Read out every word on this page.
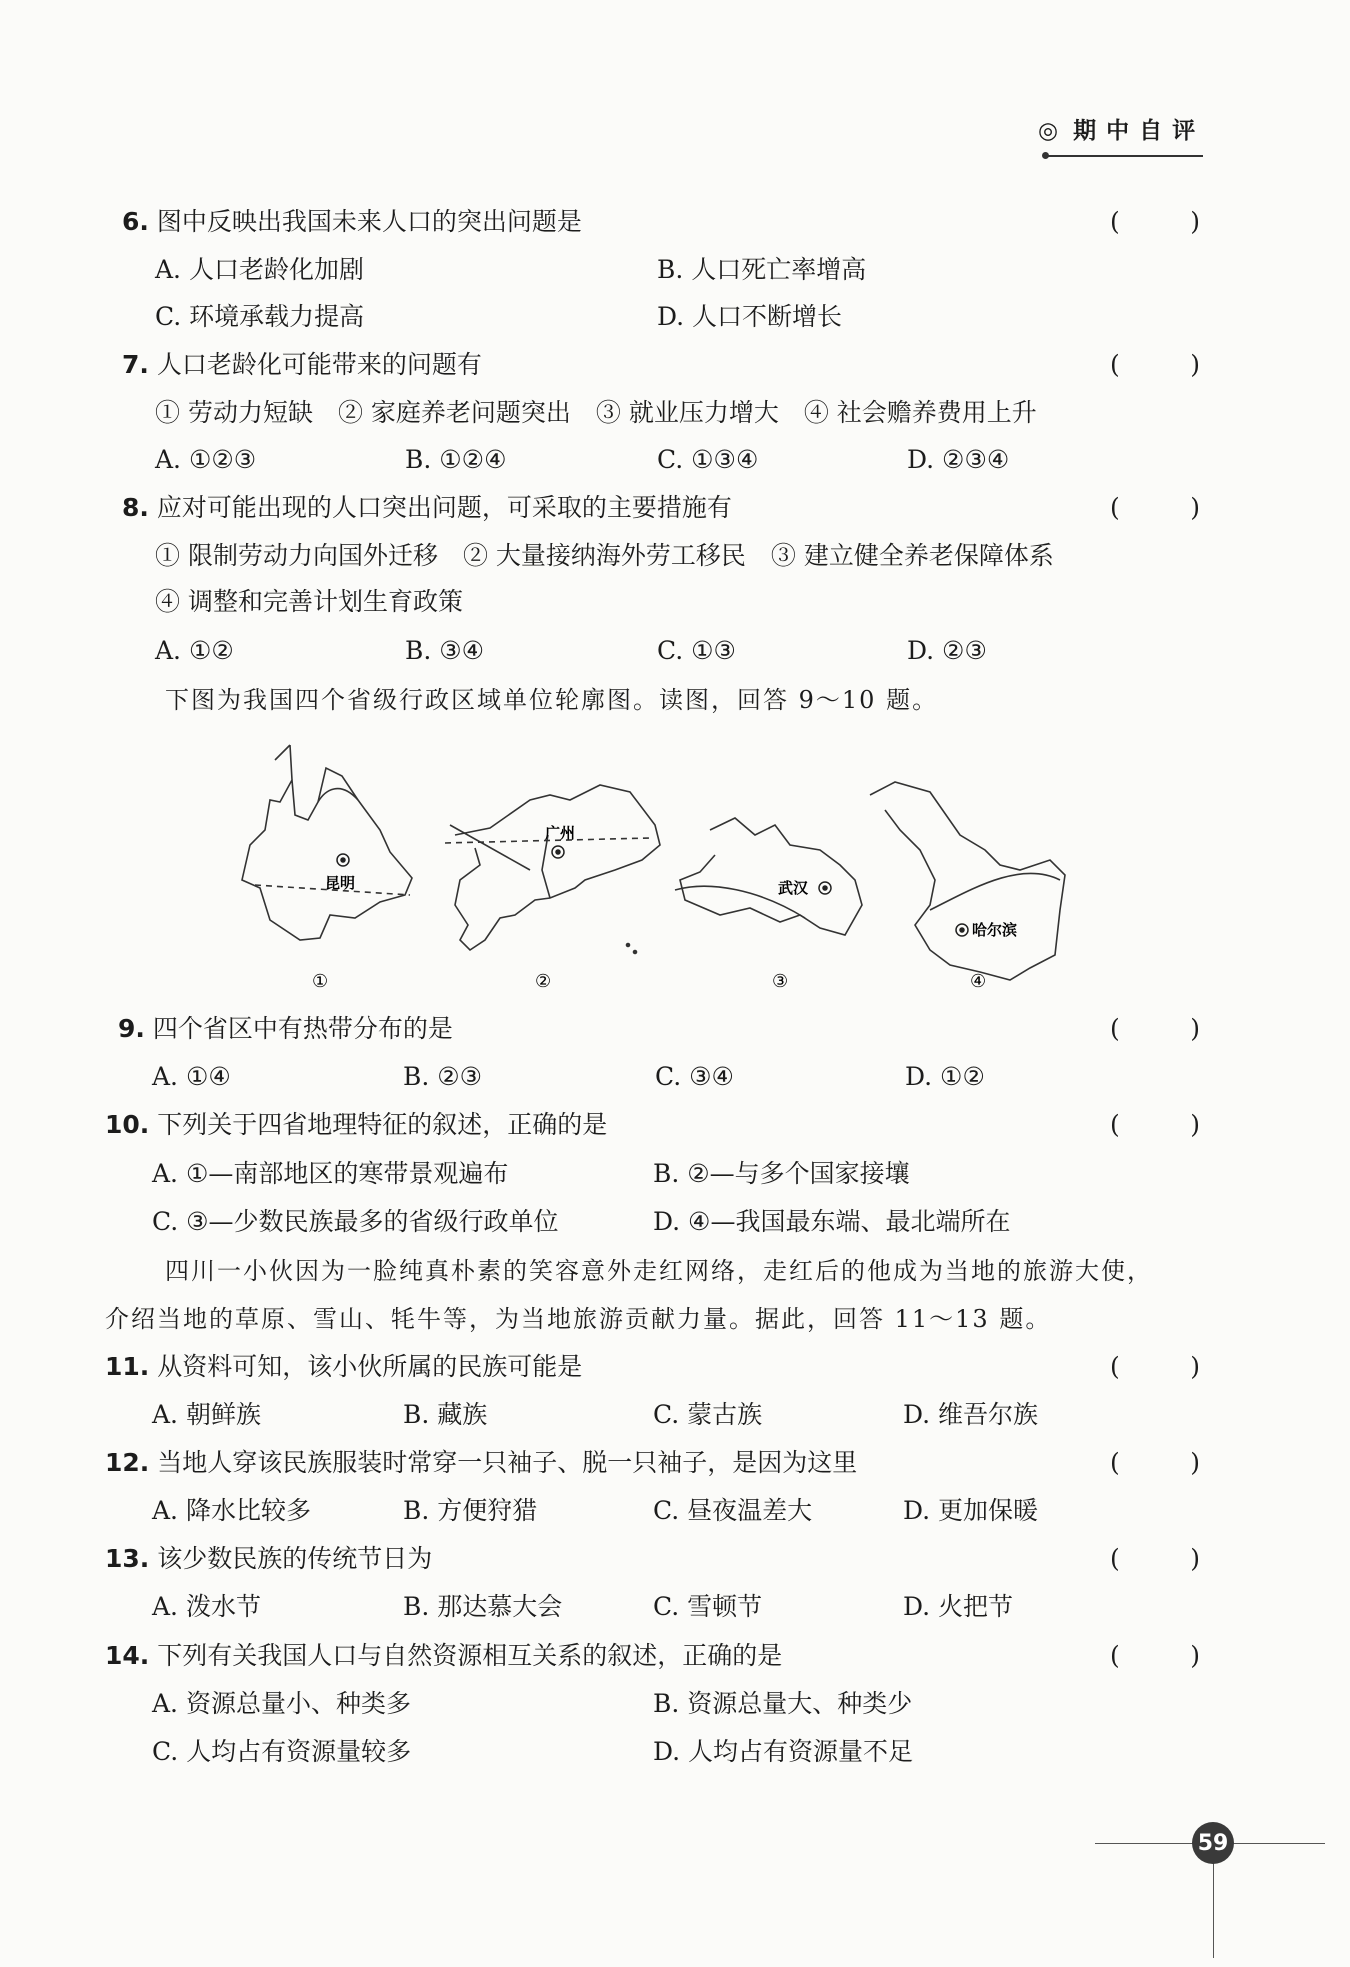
◎ 期中自评
6. 图中反映出我国未来人口的突出问题是	(	)
A. 人口老龄化加剧	B. 人口死亡率增高
C. 环境承载力提高	D. 人口不断增长
7. 人口老龄化可能带来的问题有	(	)
① 劳动力短缺　② 家庭养老问题突出　③ 就业压力增大　④ 社会赡养费用上升
A. ①②③	B. ①②④	C. ①③④	D. ②③④
8. 应对可能出现的人口突出问题，可采取的主要措施有	(	)
① 限制劳动力向国外迁移　② 大量接纳海外劳工移民　③ 建立健全养老保障体系
④ 调整和完善计划生育政策
A. ①②	B. ③④	C. ①③	D. ②③
下图为我国四个省级行政区域单位轮廓图。读图，回答 9～10 题。
昆明
广州
武汉
哈尔滨
①	②	③	④
9. 四个省区中有热带分布的是	(	)
A. ①④	B. ②③	C. ③④	D. ①②
10. 下列关于四省地理特征的叙述，正确的是	(	)
A. ①—南部地区的寒带景观遍布	B. ②—与多个国家接壤
C. ③—少数民族最多的省级行政单位	D. ④—我国最东端、最北端所在
四川一小伙因为一脸纯真朴素的笑容意外走红网络，走红后的他成为当地的旅游大使，
介绍当地的草原、雪山、牦牛等，为当地旅游贡献力量。据此，回答 11～13 题。
11. 从资料可知，该小伙所属的民族可能是	(	)
A. 朝鲜族	B. 藏族	C. 蒙古族	D. 维吾尔族
12. 当地人穿该民族服装时常穿一只袖子、脱一只袖子，是因为这里	(	)
A. 降水比较多	B. 方便狩猎	C. 昼夜温差大	D. 更加保暖
13. 该少数民族的传统节日为	(	)
A. 泼水节	B. 那达慕大会	C. 雪顿节	D. 火把节
14. 下列有关我国人口与自然资源相互关系的叙述，正确的是	(	)
A. 资源总量小、种类多	B. 资源总量大、种类少
C. 人均占有资源量较多	D. 人均占有资源量不足
59
